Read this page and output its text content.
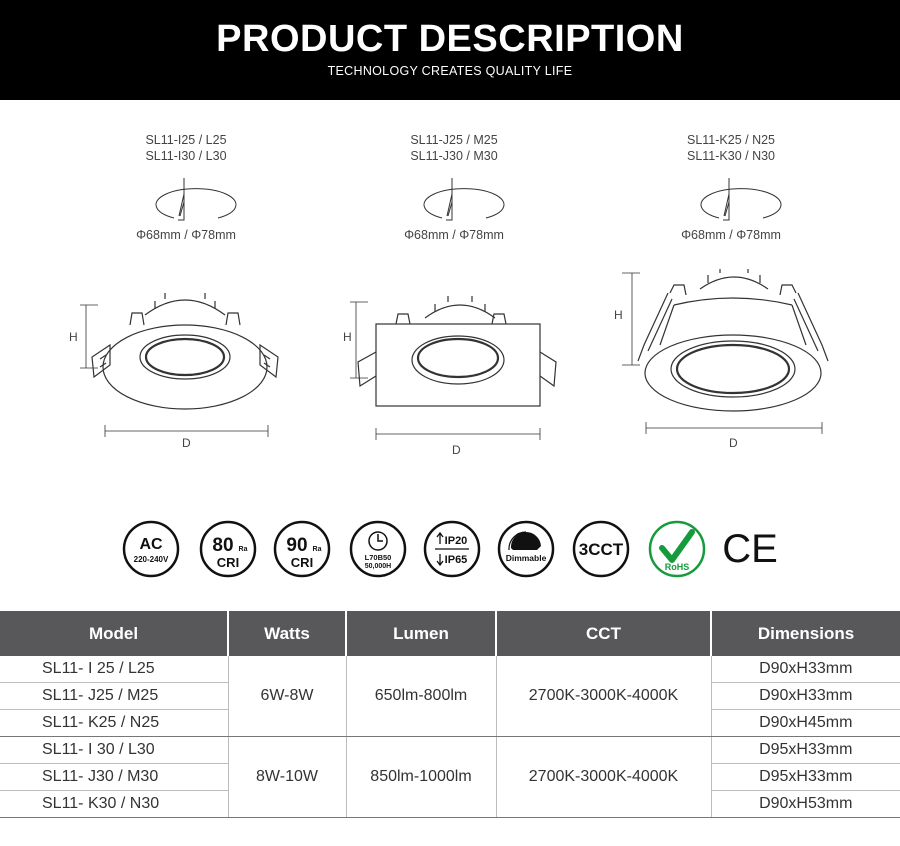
PRODUCT DESCRIPTION
TECHNOLOGY CREATES QUALITY LIFE
SL11-I25 / L25
SL11-I30 / L30
Φ68mm / Φ78mm
SL11-J25 / M25
SL11-J30 / M30
Φ68mm / Φ78mm
SL11-K25 / N25
SL11-K30 / N30
Φ68mm / Φ78mm
H
D
H
D
H
D
AC
220-240V
80 Ra
CRI
90 Ra
CRI	L70B50
50,000H
IP20
IP65	Dimmable 3CCT
RoHS CE
Model	Watts	Lumen	CCT	Dimensions
SL11- I 25 / L25	6W-8W	650lm-800lm	2700K-3000K-4000K	D90xH33mm
SL11- J25 / M25				D90xH33mm
SL11- K25 / N25				D90xH45mm
SL11- I 30 / L30	8W-10W	850lm-1000lm	2700K-3000K-4000K	D95xH33mm
SL11- J30 / M30				D95xH33mm
SL11- K30 / N30				D90xH53mm
